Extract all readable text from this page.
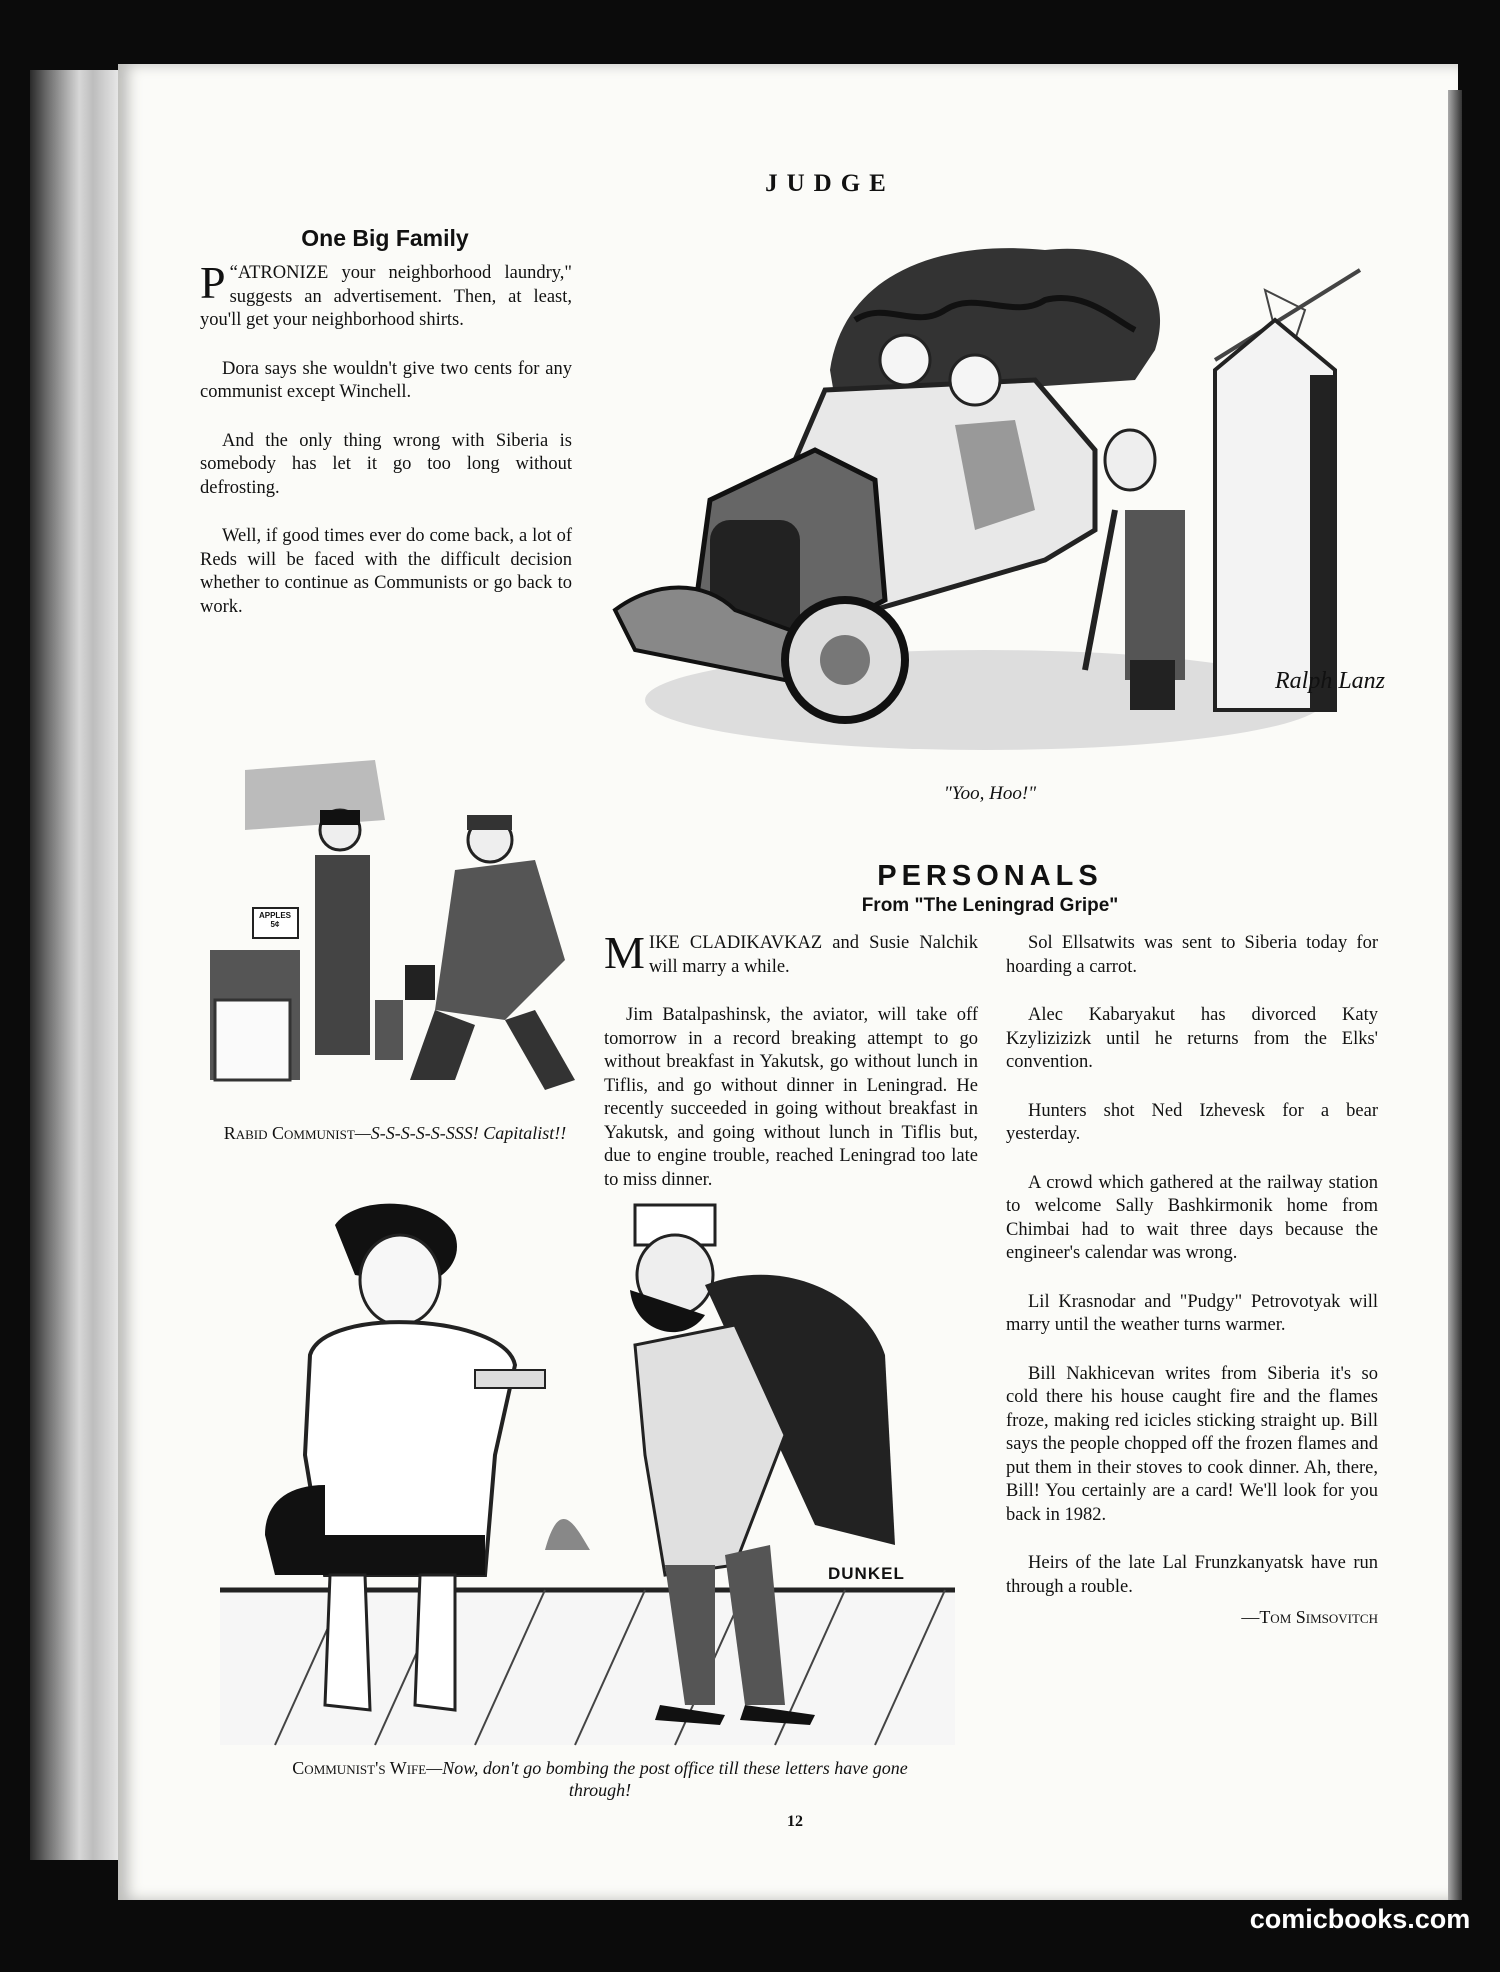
JUDGE
One Big Family

“
P ATRONIZE your neighborhood laundry," suggests an advertisement. Then, at least, you'll get your neighborhood shirts.

Dora says she wouldn't give two cents for any communist except Winchell.

And the only thing wrong with Siberia is somebody has let it go too long without defrosting.

Well, if good times ever do come back, a lot of Reds will be faced with the difficult decision whether to continue as Communists or go back to work.

Ralph Lanz
"Yoo, Hoo!"
APPLES 5¢
Rabid Communist—S-S-S-S-S-SSS! Capitalist!!
PERSONALS
From "The Leningrad Gripe"

MIKE CLADIKAVKAZ and Susie Nalchik will marry a while.

Jim Batalpashinsk, the aviator, will take off tomorrow in a record breaking attempt to go without breakfast in Yakutsk, go without lunch in Tiflis, and go without dinner in Leningrad. He recently succeeded in going without breakfast in Yakutsk, and going without lunch in Tiflis but, due to engine trouble, reached Leningrad too late to miss dinner.

Sol Ellsatwits was sent to Siberia today for hoarding a carrot.

Alec Kabaryakut has divorced Katy Kzylizizizk until he returns from the Elks' convention.

Hunters shot Ned Izhevesk for a bear yesterday.

A crowd which gathered at the railway station to welcome Sally Bashkirmonik home from Chimbai had to wait three days because the engineer's calendar was wrong.

Lil Krasnodar and "Pudgy" Petrovotyak will marry until the weather turns warmer.

Bill Nakhicevan writes from Siberia it's so cold there his house caught fire and the flames froze, making red icicles sticking straight up. Bill says the people chopped off the frozen flames and put them in their stoves to cook dinner. Ah, there, Bill! You certainly are a card! We'll look for you back in 1982.

Heirs of the late Lal Frunzkanyatsk have run through a rouble.

—Tom Simsovitch
DUNKEL
Communist's Wife—Now, don't go bombing the post office till these letters have gone through!
12
comicbooks.com
